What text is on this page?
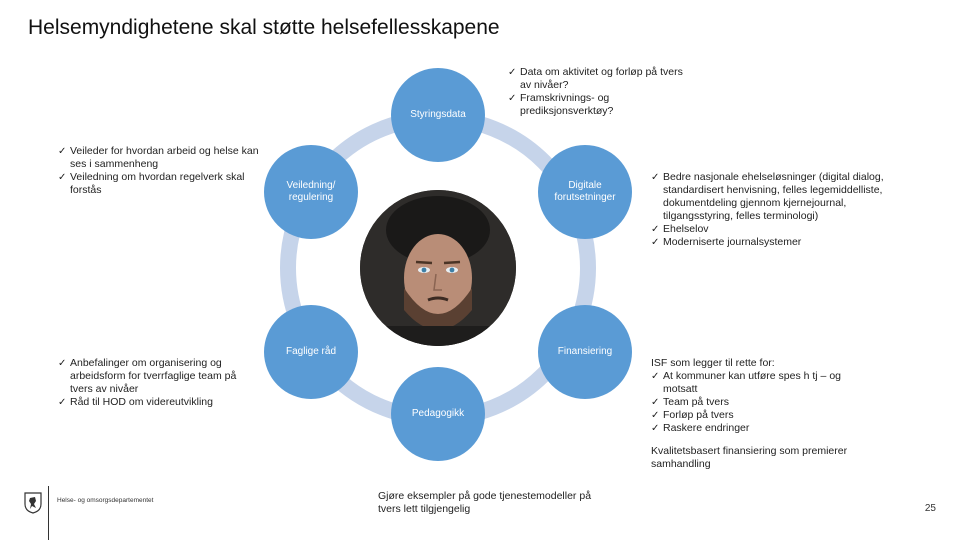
Helsemyndighetene skal støtte helsefellesskapene
Styringsdata
Veiledning/ regulering
Digitale forutsetninger
Faglige råd	Finansiering
Pedagogikk
✓ Data om aktivitet og forløp på tvers av nivåer?
✓ Framskrivnings- og prediksjonsverktøy?
✓ Veileder for hvordan arbeid og helse kan ses i sammenheng
✓ Veiledning om hvordan regelverk skal forstås
✓ Bedre nasjonale ehelseløsninger (digital dialog, standardisert henvisning, felles legemiddelliste, dokumentdeling gjennom kjernejournal, tilgangsstyring, felles terminologi)
✓ Ehelselov
✓ Moderniserte journalsystemer
✓ Anbefalinger om organisering og arbeidsform for tverrfaglige team på tvers av nivåer
✓ Råd til HOD om videreutvikling

ISF som legger til rette for:

✓ At kommuner kan utføre spes h tj – og motsatt
✓ Team på tvers
✓ Forløp på tvers
✓ Raskere endringer

Kvalitetsbasert finansiering som premierer samhandling

Gjøre eksempler på gode tjenestemodeller på tvers lett tilgjengelig
Helse- og omsorgsdepartementet
25
